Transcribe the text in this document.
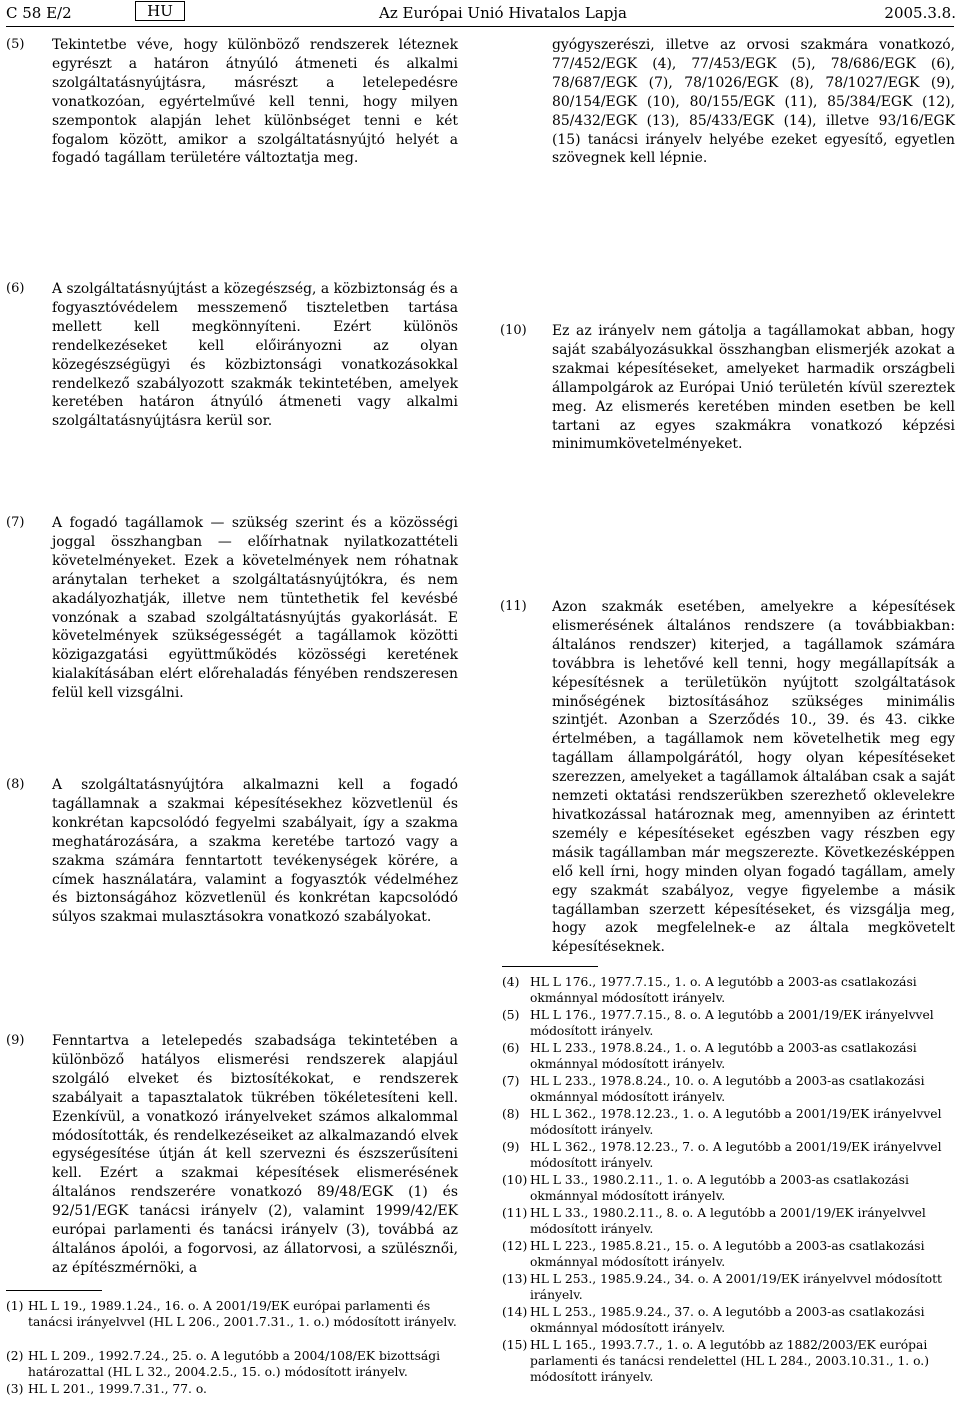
C 58 E/2	HU	Az Európai Unió Hivatalos Lapja	2005.3.8.
(5) Tekintetbe véve, hogy különböző rendszerek léteznek egyrészt a határon átnyúló átmeneti és alkalmi szolgáltatásnyújtásra, másrészt a letelepedésre vonatkozóan, egyértelművé kell tenni, hogy milyen szempontok alapján lehet különbséget tenni e két fogalom között, amikor a szolgáltatásnyújtó helyét a fogadó tagállam területére változtatja meg.
(6) A szolgáltatásnyújtást a közegészség, a közbiztonság és a fogyasztóvédelem messzemenő tiszteletben tartása mellett kell megkönnyíteni. Ezért különös rendelkezéseket kell előirányozni az olyan közegészségügyi és közbiztonsági vonatkozásokkal rendelkező szabályozott szakmák tekintetében, amelyek keretében határon átnyúló átmeneti vagy alkalmi szolgáltatásnyújtásra kerül sor.
(7) A fogadó tagállamok — szükség szerint és a közösségi joggal összhangban — előírhatnak nyilatkozattételi követelményeket. Ezek a követelmények nem róhatnak aránytalan terheket a szolgáltatásnyújtókra, és nem akadályozhatják, illetve nem tüntethetik fel kevésbé vonzónak a szabad szolgáltatásnyújtás gyakorlását. E követelmények szükségességét a tagállamok közötti közigazgatási együttműködés közösségi keretének kialakításában elért előrehaladás fényében rendszeresen felül kell vizsgálni.
(8) A szolgáltatásnyújtóra alkalmazni kell a fogadó tagállamnak a szakmai képesítésekhez közvetlenül és konkrétan kapcsolódó fegyelmi szabályait, így a szakma meghatározására, a szakma keretébe tartozó vagy a szakma számára fenntartott tevékenységek körére, a címek használatára, valamint a fogyasztók védelméhez és biztonságához közvetlenül és konkrétan kapcsolódó súlyos szakmai mulasztásokra vonatkozó szabályokat.
(9) Fenntartva a letelepedés szabadsága tekintetében a különböző hatályos elismerési rendszerek alapjául szolgáló elveket és biztosítékokat, e rendszerek szabályait a tapasztalatok tükrében tökéletesíteni kell. Ezenkívül, a vonatkozó irányelveket számos alkalommal módosították, és rendelkezéseiket az alkalmazandó elvek egységesítése útján át kell szervezni és észszerűsíteni kell. Ezért a szakmai képesítések elismerésének általános rendszerére vonatkozó 89/48/EGK (1) és 92/51/EGK tanácsi irányelv (2), valamint 1999/42/EK európai parlamenti és tanácsi irányelv (3), továbbá az általános ápolói, a fogorvosi, az állatorvosi, a szülésznői, az építészmérnöki, a
(1) HL L 19., 1989.1.24., 16. o. A 2001/19/EK európai parlamenti és tanácsi irányelvvel (HL L 206., 2001.7.31., 1. o.) módosított irányelv.
(2) HL L 209., 1992.7.24., 25. o. A legutóbb a 2004/108/EK bizottsági határozattal (HL L 32., 2004.2.5., 15. o.) módosított irányelv.
(3) HL L 201., 1999.7.31., 77. o.
gyógyszerészi, illetve az orvosi szakmára vonatkozó, 77/452/EGK (4), 77/453/EGK (5), 78/686/EGK (6), 78/687/EGK (7), 78/1026/EGK (8), 78/1027/EGK (9), 80/154/EGK (10), 80/155/EGK (11), 85/384/EGK (12), 85/432/EGK (13), 85/433/EGK (14), illetve 93/16/EGK (15) tanácsi irányelv helyébe ezeket egyesítő, egyetlen szövegnek kell lépnie.
(10) Ez az irányelv nem gátolja a tagállamokat abban, hogy saját szabályozásukkal összhangban elismerjék azokat a szakmai képesítéseket, amelyeket harmadik országbeli állampolgárok az Európai Unió területén kívül szereztek meg. Az elismerés keretében minden esetben be kell tartani az egyes szakmákra vonatkozó képzési minimumkövetelményeket.
(11) Azon szakmák esetében, amelyekre a képesítések elismerésének általános rendszere (a továbbiakban: általános rendszer) kiterjed, a tagállamok számára továbbra is lehetővé kell tenni, hogy megállapítsák a képesítésnek a területükön nyújtott szolgáltatások minőségének biztosításához szükséges minimális szintjét. Azonban a Szerződés 10., 39. és 43. cikke értelmében, a tagállamok nem követelhetik meg egy tagállam állampolgárától, hogy olyan képesítéseket szerezzen, amelyeket a tagállamok általában csak a saját nemzeti oktatási rendszerükben szerezhető oklevelekre hivatkozással határoznak meg, amennyiben az érintett személy e képesítéseket egészben vagy részben egy másik tagállamban már megszerezte. Következésképpen elő kell írni, hogy minden olyan fogadó tagállam, amely egy szakmát szabályoz, vegye figyelembe a másik tagállamban szerzett képesítéseket, és vizsgálja meg, hogy azok megfelelnek-e az általa megkövetelt képesítéseknek.
(4) HL L 176., 1977.7.15., 1. o. A legutóbb a 2003-as csatlakozási okmánnyal módosított irányelv.
(5) HL L 176., 1977.7.15., 8. o. A legutóbb a 2001/19/EK irányelvvel módosított irányelv.
(6) HL L 233., 1978.8.24., 1. o. A legutóbb a 2003-as csatlakozási okmánnyal módosított irányelv.
(7) HL L 233., 1978.8.24., 10. o. A legutóbb a 2003-as csatlakozási okmánnyal módosított irányelv.
(8) HL L 362., 1978.12.23., 1. o. A legutóbb a 2001/19/EK irányelvvel módosított irányelv.
(9) HL L 362., 1978.12.23., 7. o. A legutóbb a 2001/19/EK irányelvvel módosított irányelv.
(10) HL L 33., 1980.2.11., 1. o. A legutóbb a 2003-as csatlakozási okmánnyal módosított irányelv.
(11) HL L 33., 1980.2.11., 8. o. A legutóbb a 2001/19/EK irányelvvel módosított irányelv.
(12) HL L 223., 1985.8.21., 15. o. A legutóbb a 2003-as csatlakozási okmánnyal módosított irányelv.
(13) HL L 253., 1985.9.24., 34. o. A 2001/19/EK irányelvvel módosított irányelv.
(14) HL L 253., 1985.9.24., 37. o. A legutóbb a 2003-as csatlakozási okmánnyal módosított irányelv.
(15) HL L 165., 1993.7.7., 1. o. A legutóbb az 1882/2003/EK európai parlamenti és tanácsi rendelettel (HL L 284., 2003.10.31., 1. o.) módosított irányelv.
